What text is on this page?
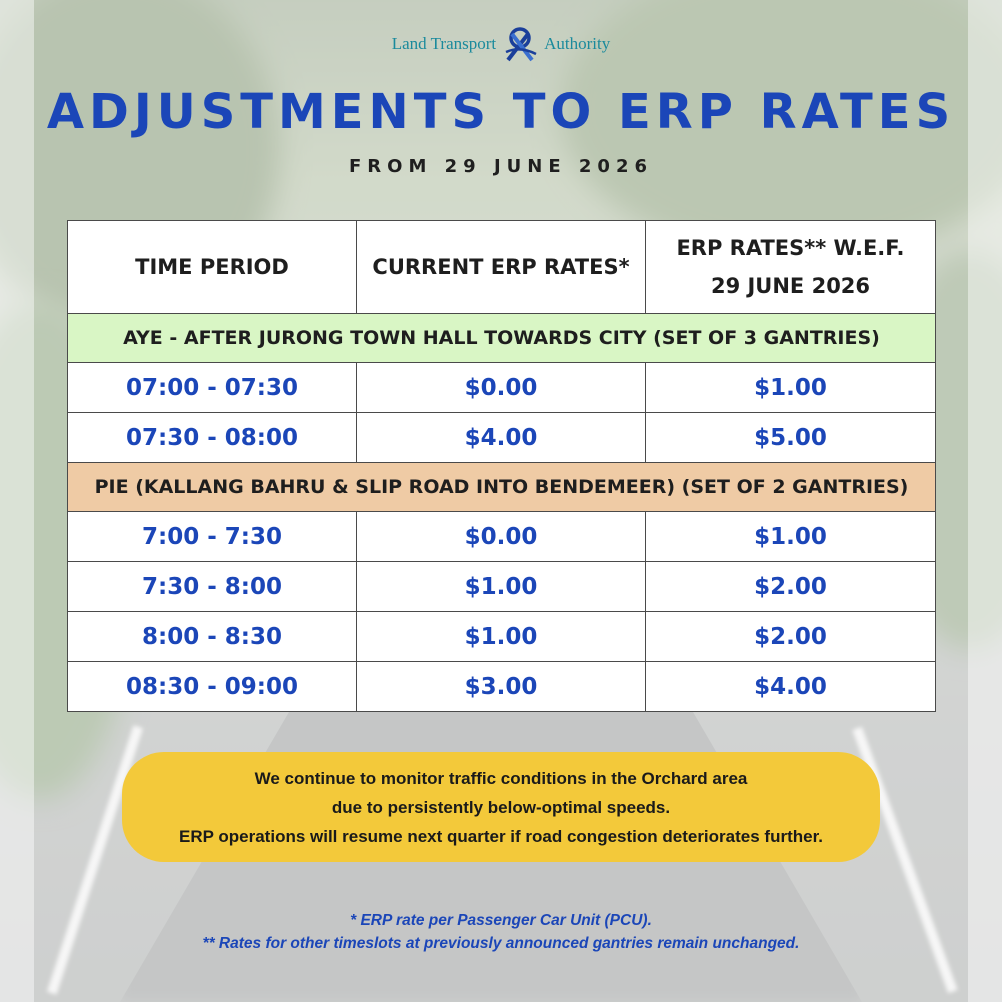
Land Transport	Authority
ADJUSTMENTS TO ERP RATES
FROM 29 JUNE 2026
TIME PERIOD	CURRENT ERP RATES*	ERP RATES** W.E.F.
29 JUNE 2026
AYE - AFTER JURONG TOWN HALL TOWARDS CITY (SET OF 3 GANTRIES)		
07:00 - 07:30	$0.00	$1.00
07:30 - 08:00	$4.00	$5.00
PIE (KALLANG BAHRU & SLIP ROAD INTO BENDEMEER) (SET OF 2 GANTRIES)		
7:00 - 7:30	$0.00	$1.00
7:30 - 8:00	$1.00	$2.00
8:00 - 8:30	$1.00	$2.00
08:30 - 09:00	$3.00	$4.00
We continue to monitor traffic conditions in the Orchard area
due to persistently below-optimal speeds.
ERP operations will resume next quarter if road congestion deteriorates further.
* ERP rate per Passenger Car Unit (PCU).
** Rates for other timeslots at previously announced gantries remain unchanged.
